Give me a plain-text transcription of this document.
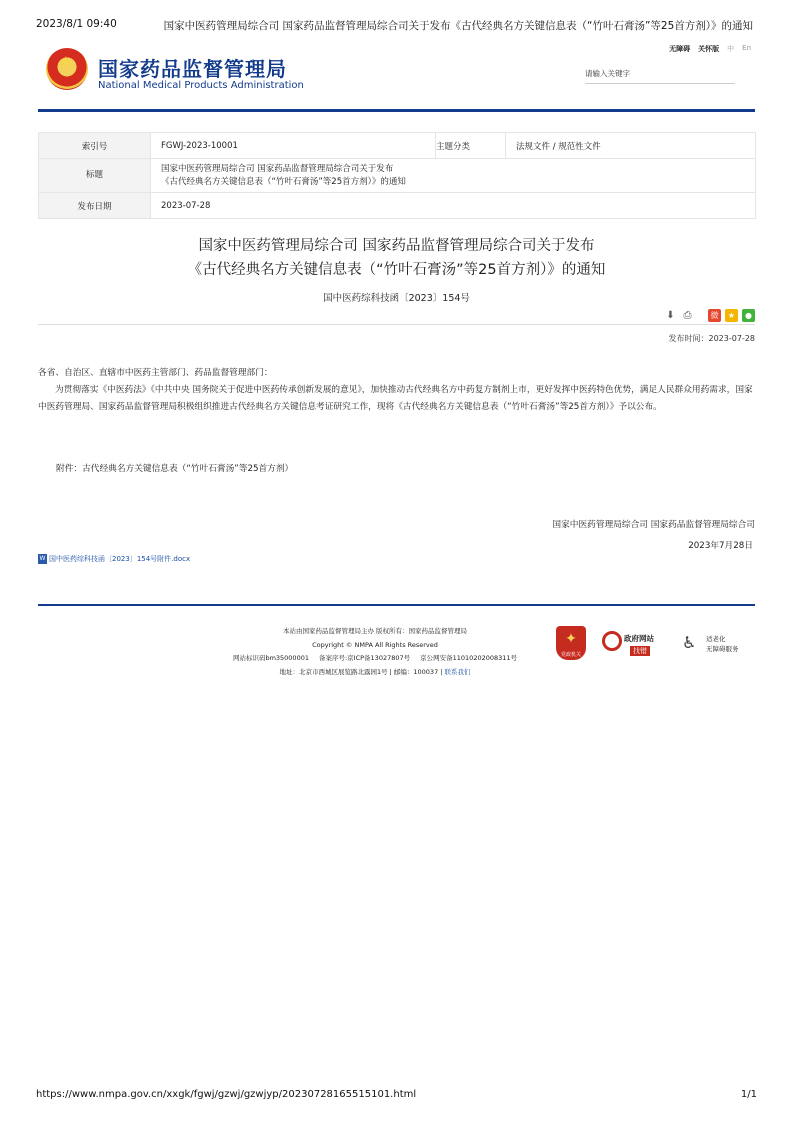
2023/8/1 09:40	国家中医药管理局综合司 国家药品监督管理局综合司关于发布《古代经典名方关键信息表（“竹叶石膏汤”等25首方剂）》的通知
★ 国家药品监督管理局
National Medical Products Administration
无障碍 关怀版 中 En
请输入关键字
索引号	FGWJ-2023-10001	主题分类	法规文件 / 规范性文件
标题	国家中医药管理局综合司 国家药品监督管理局综合司关于发布
《古代经典名方关键信息表（“竹叶石膏汤”等25首方剂）》的通知		

发布日期	2023-07-28		
国家中医药管理局综合司 国家药品监督管理局综合司关于发布
《古代经典名方关键信息表（“竹叶石膏汤”等25首方剂）》的通知
国中医药综科技函〔2023〕154号
⬇ ⎙	微	★	●
发布时间：2023-07-28

各省、自治区、直辖市中医药主管部门、药品监督管理部门：

为贯彻落实《中医药法》《中共中央 国务院关于促进中医药传承创新发展的意见》，加快推动古代经典名方中药复方制剂上市，更好发挥中医药特色优势，满足人民群众用药需求，国家中医药管理局、国家药品监督管理局积极组织推进古代经典名方关键信息考证研究工作，现将《古代经典名方关键信息表（“竹叶石膏汤”等25首方剂）》予以公布。

附件：古代经典名方关键信息表（“竹叶石膏汤”等25首方剂）
国家中医药管理局综合司 国家药品监督管理局综合司
2023年7月28日
W 国中医药综科技函〔2023〕154号附件.docx
本站由国家药品监督管理局主办 版权所有：国家药品监督管理局
Copyright © NMPA All Rights Reserved
网站标识码bm35000001 备案序号:京ICP备13027807号 京公网安备11010202008311号
地址：北京市西城区展览路北露园1号 | 邮编：100037 | 联系我们
✦
党政机关
政府网站
找错 ♿ 适老化
无障碍服务
https://www.nmpa.gov.cn/xxgk/fgwj/gzwj/gzwjyp/20230728165515101.html	1/1
